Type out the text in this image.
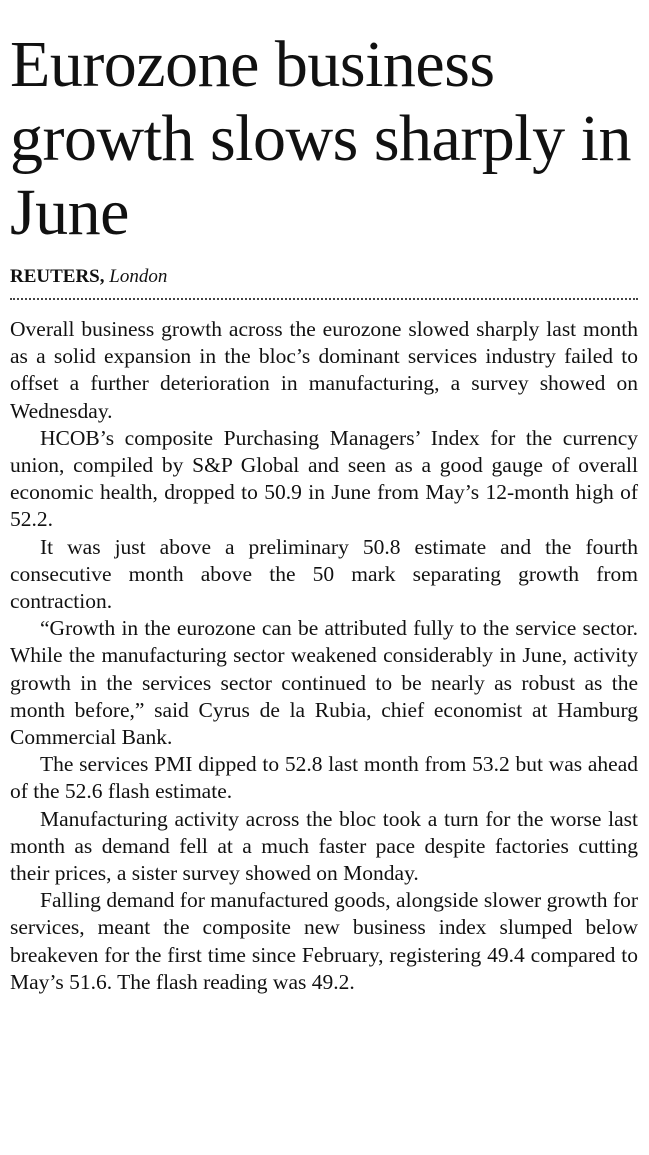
Eurozone business growth slows sharply in June
REUTERS, London

Overall business growth across the eurozone slowed sharply last month as a solid expansion in the bloc’s dominant services industry failed to offset a further deterioration in manufacturing, a survey showed on Wednesday.

HCOB’s composite Purchasing Managers’ Index for the currency union, compiled by S&P Global and seen as a good gauge of overall economic health, dropped to 50.9 in June from May’s 12-month high of 52.2.

It was just above a preliminary 50.8 estimate and the fourth consecutive month above the 50 mark separating growth from contraction.

“Growth in the eurozone can be attributed fully to the service sector. While the manufacturing sector weakened considerably in June, activity growth in the services sector continued to be nearly as robust as the month before,” said Cyrus de la Rubia, chief economist at Hamburg Commercial Bank.

The services PMI dipped to 52.8 last month from 53.2 but was ahead of the 52.6 flash estimate.

Manufacturing activity across the bloc took a turn for the worse last month as demand fell at a much faster pace despite factories cutting their prices, a sister survey showed on Monday.

Falling demand for manufactured goods, alongside slower growth for services, meant the composite new business index slumped below breakeven for the first time since February, registering 49.4 compared to May’s 51.6. The flash reading was 49.2.
